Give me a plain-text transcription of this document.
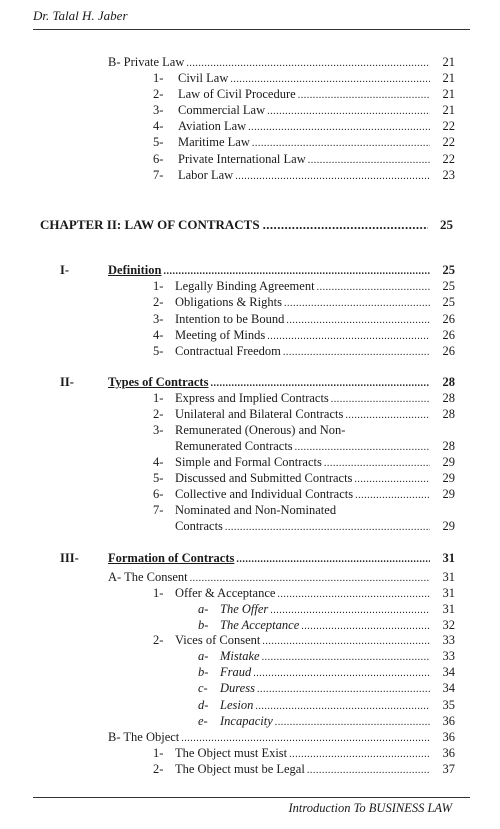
Dr. Talal H. Jaber
B- Private Law .....	21
1-	Civil Law .....	21
2-	Law of Civil Procedure .....	21
3-	Commercial Law .....	21
4-	Aviation Law .....	22
5-	Maritime Law .....	22
6-	Private International Law .....	22
7-	Labor Law .....	23
CHAPTER II: LAW OF CONTRACTS .....	25
I-	Definition .....	25
1- Legally Binding Agreement .....	25
2- Obligations & Rights .....	25
3- Intention to be Bound .....	26
4- Meeting of Minds .....	26
5- Contractual Freedom .....	26
II-	Types of Contracts .....	28
1- Express and Implied Contracts .....	28
2- Unilateral and Bilateral Contracts .....	28
3- Remunerated (Onerous) and Non-
Remunerated Contracts .....	28
4- Simple and Formal Contracts .....	29
5- Discussed and Submitted Contracts .....	29
6- Collective and Individual Contracts .....	29
7- Nominated and Non-Nominated
Contracts .....	29
III-	Formation of Contracts .....	31
A- The Consent .....	31
1- Offer & Acceptance .....	31
a- The Offer .....	31
b- The Acceptance .....	32
2- Vices of Consent .....	33
a- Mistake .....	33
b- Fraud .....	34
c- Duress .....	34
d- Lesion .....	35
e- Incapacity .....	36
B- The Object .....	36
1- The Object must Exist .....	36
2- The Object must be Legal .....	37
Introduction To BUSINESS LAW
